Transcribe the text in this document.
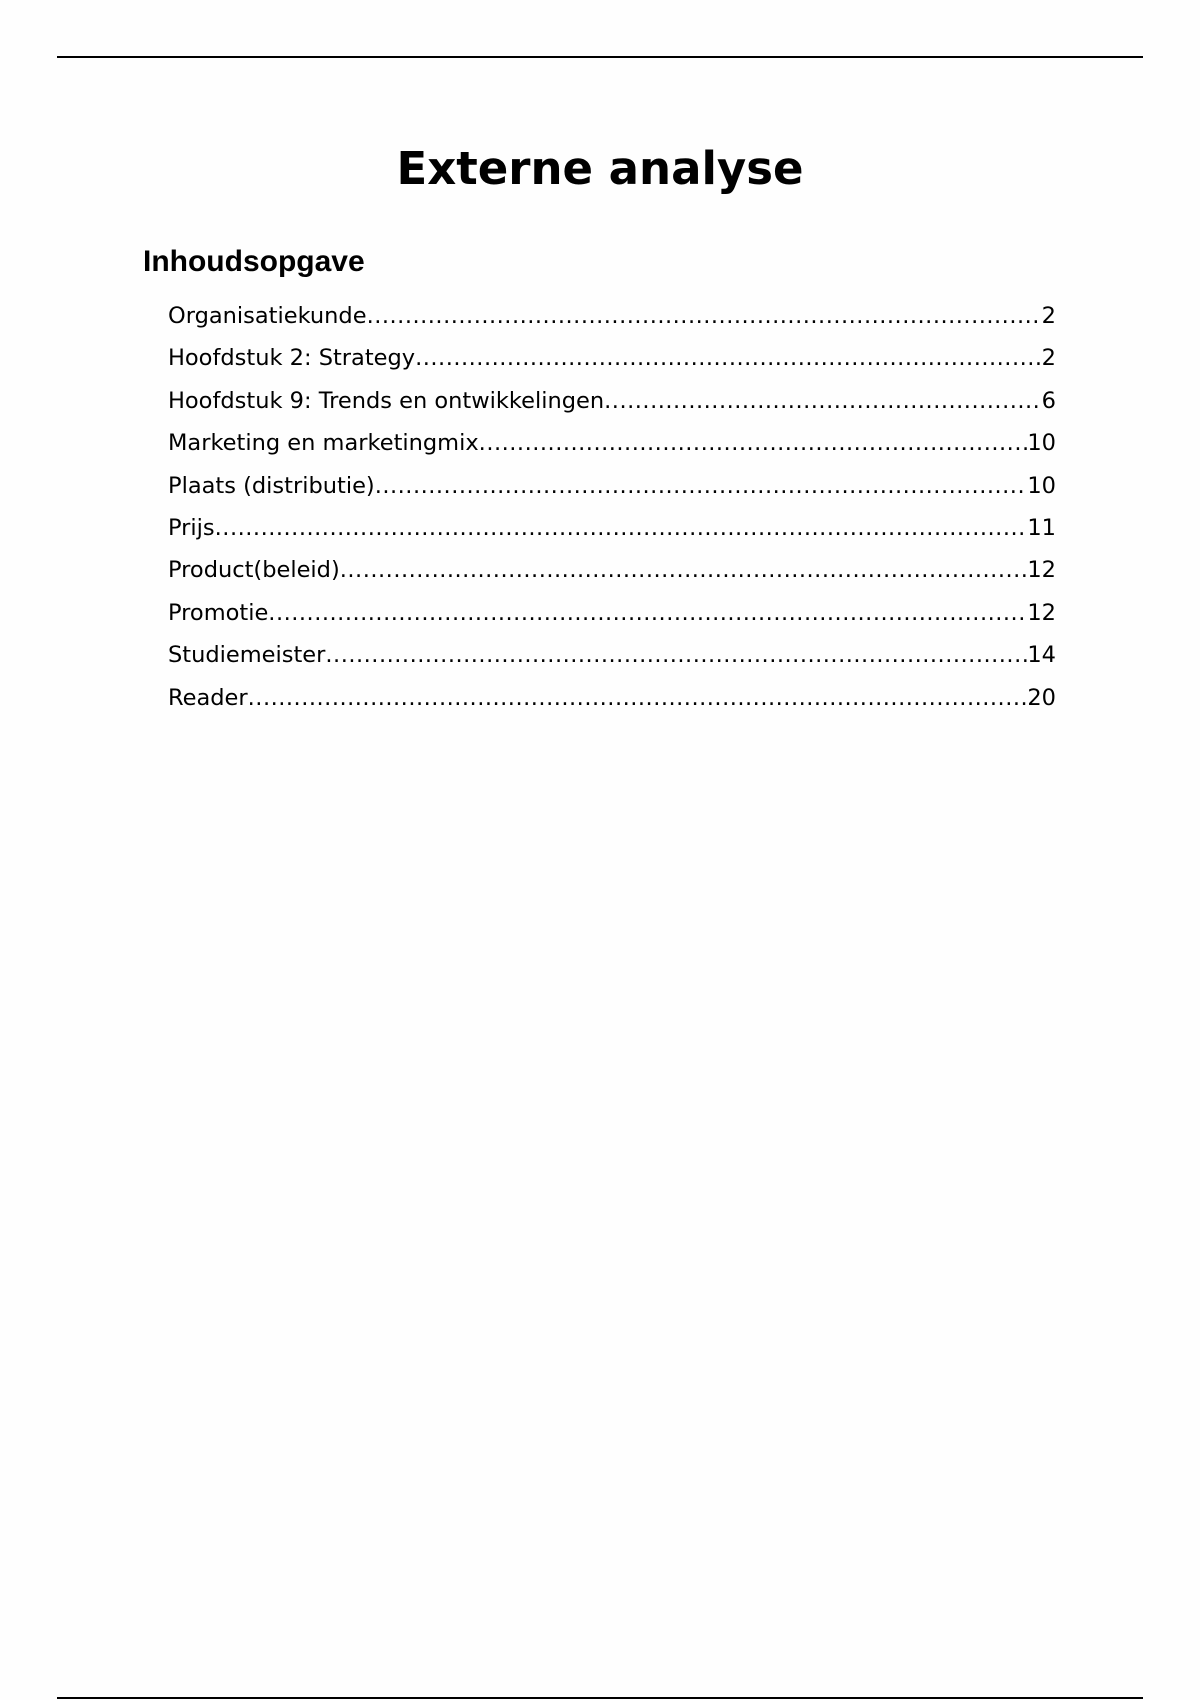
Externe analyse
Inhoudsopgave
Organisatiekunde .....	2
Hoofdstuk 2: Strategy .....	2
Hoofdstuk 9: Trends en ontwikkelingen .....	6
Marketing en marketingmix .....	10
Plaats (distributie) .....	10
Prijs .....	11
Product(beleid) .....	12
Promotie .....	12
Studiemeister .....	14
Reader .....	20
